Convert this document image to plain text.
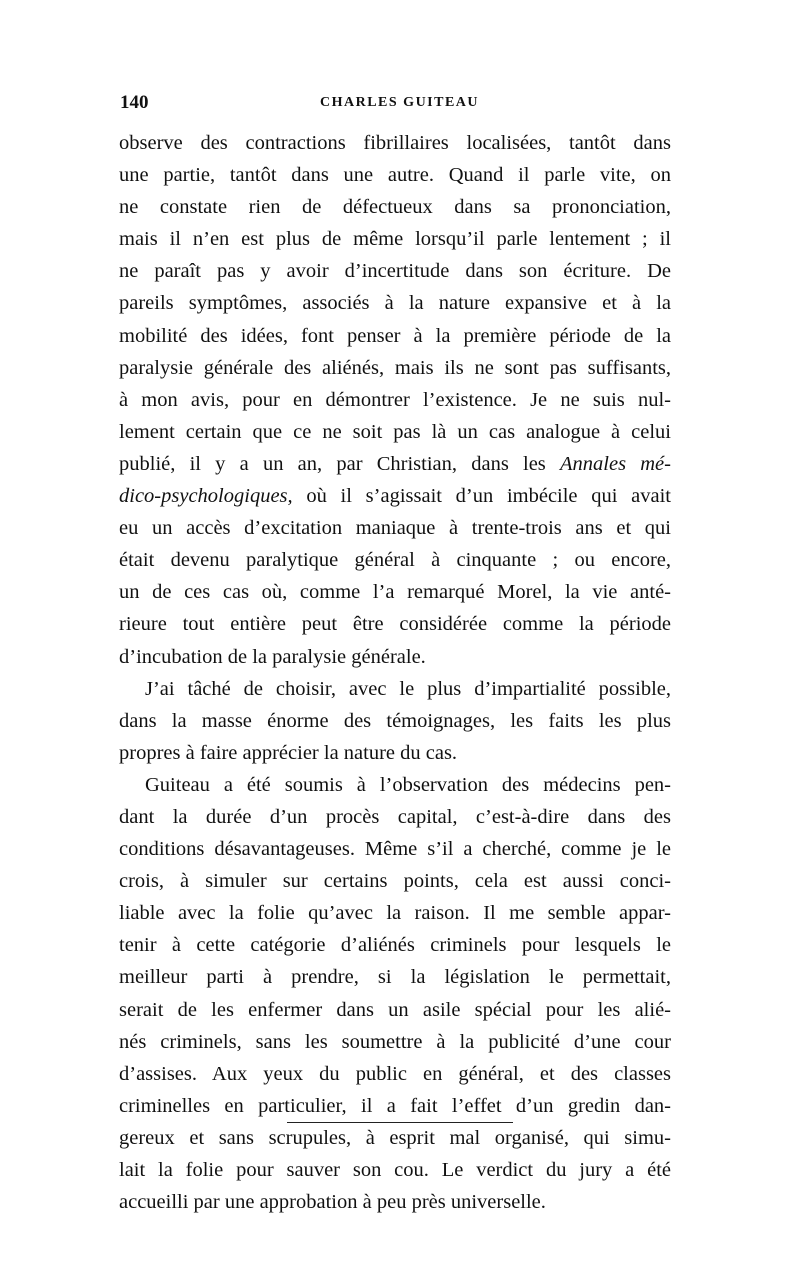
140	CHARLES GUITEAU
observe des contractions fibrillaires localisées, tantôt dans
une partie, tantôt dans une autre. Quand il parle vite, on
ne constate rien de défectueux dans sa prononciation,
mais il n’en est plus de même lorsqu’il parle lentement ; il
ne paraît pas y avoir d’incertitude dans son écriture. De
pareils symptômes, associés à la nature expansive et à la
mobilité des idées, font penser à la première période de la
paralysie générale des aliénés, mais ils ne sont pas suffisants,
à mon avis, pour en démontrer l’existence. Je ne suis nul-
lement certain que ce ne soit pas là un cas analogue à celui
publié, il y a un an, par Christian, dans les Annales mé-
dico-psychologiques, où il s’agissait d’un imbécile qui avait
eu un accès d’excitation maniaque à trente-trois ans et qui
était devenu paralytique général à cinquante ; ou encore,
un de ces cas où, comme l’a remarqué Morel, la vie anté-
rieure tout entière peut être considérée comme la période
d’incubation de la paralysie générale.
J’ai tâché de choisir, avec le plus d’impartialité possible,
dans la masse énorme des témoignages, les faits les plus
propres à faire apprécier la nature du cas.
Guiteau a été soumis à l’observation des médecins pen-
dant la durée d’un procès capital, c’est-à-dire dans des
conditions désavantageuses. Même s’il a cherché, comme je le
crois, à simuler sur certains points, cela est aussi conci-
liable avec la folie qu’avec la raison. Il me semble appar-
tenir à cette catégorie d’aliénés criminels pour lesquels le
meilleur parti à prendre, si la législation le permettait,
serait de les enfermer dans un asile spécial pour les alié-
nés criminels, sans les soumettre à la publicité d’une cour
d’assises. Aux yeux du public en général, et des classes
criminelles en particulier, il a fait l’effet d’un gredin dan-
gereux et sans scrupules, à esprit mal organisé, qui simu-
lait la folie pour sauver son cou. Le verdict du jury a été
accueilli par une approbation à peu près universelle.
